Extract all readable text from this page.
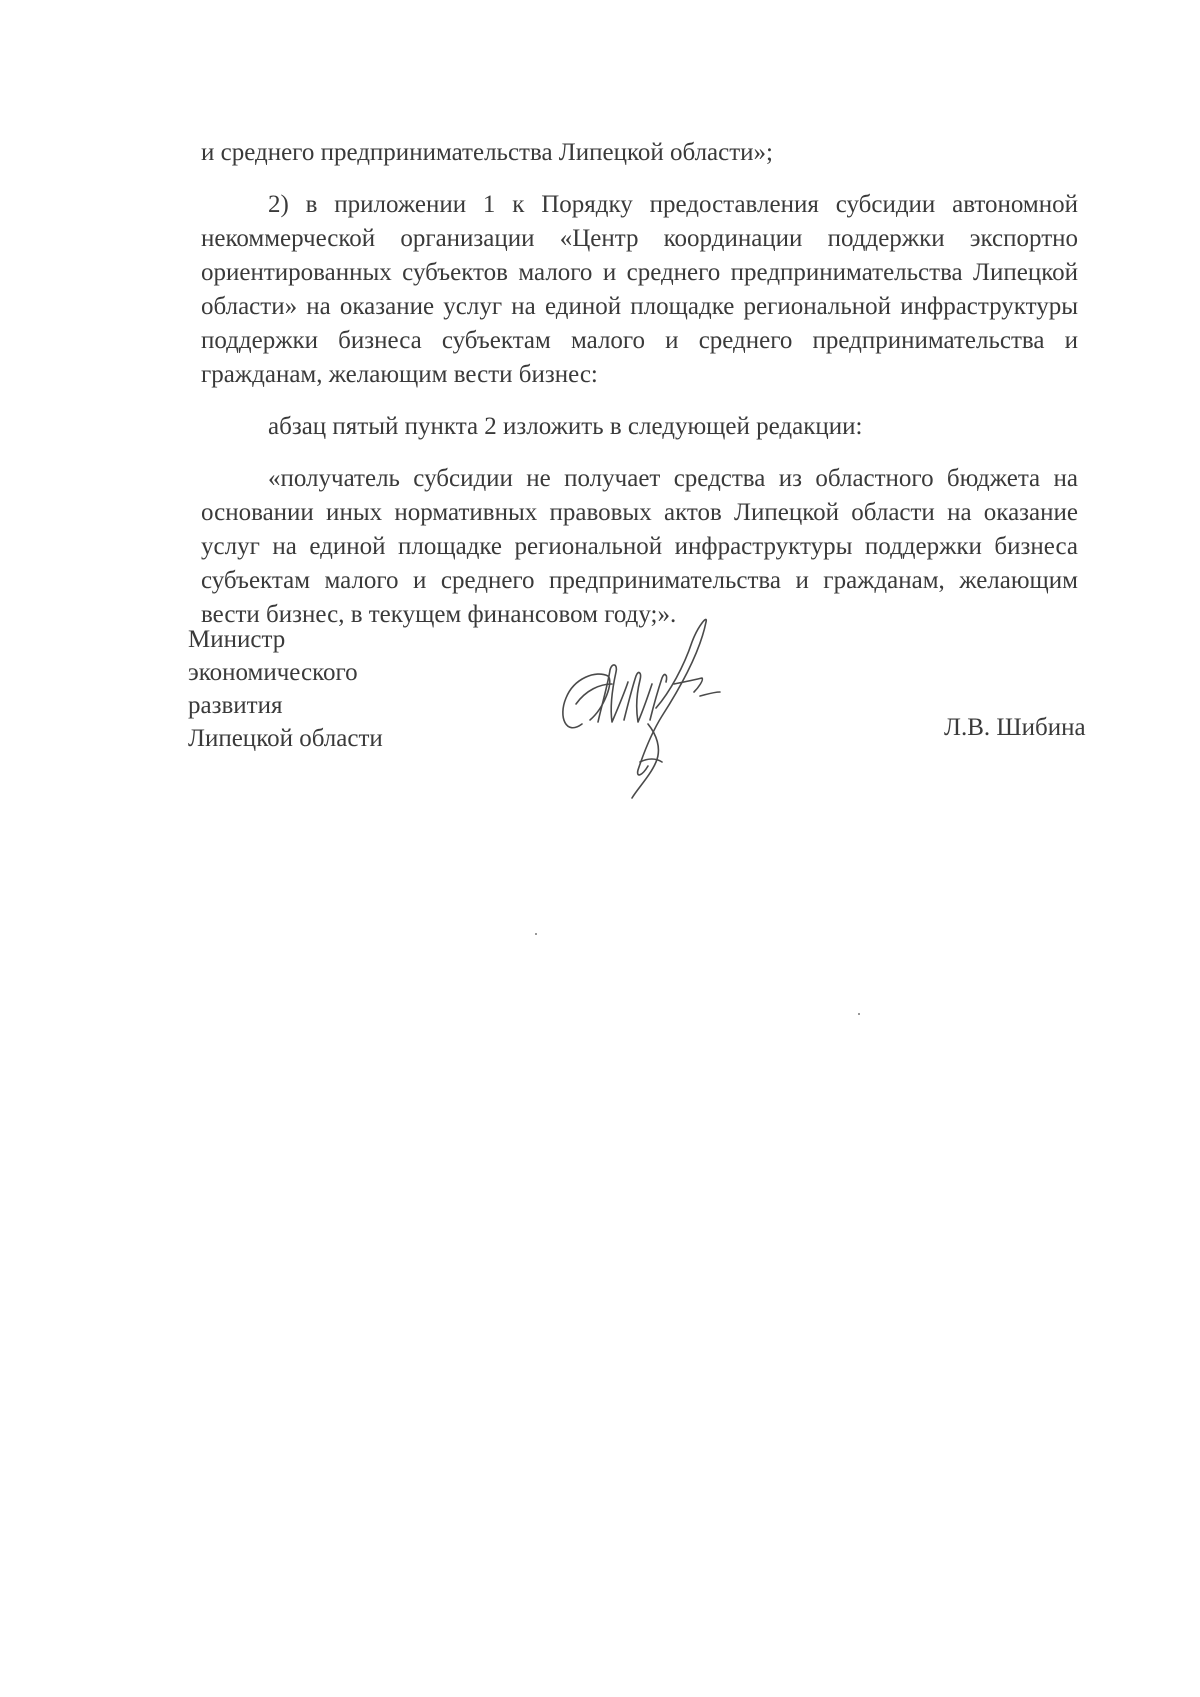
и среднего предпринимательства Липецкой области»;

2) в приложении 1 к Порядку предоставления субсидии автономной некоммерческой организации «Центр координации поддержки экспортно ориентированных субъектов малого и среднего предпринимательства Липецкой области» на оказание услуг на единой площадке региональной инфраструктуры поддержки бизнеса субъектам малого и среднего предпринимательства и гражданам, желающим вести бизнес:

абзац пятый пункта 2 изложить в следующей редакции:

«получатель субсидии не получает средства из областного бюджета на основании иных нормативных правовых актов Липецкой области на оказание услуг на единой площадке региональной инфраструктуры поддержки бизнеса субъектам малого и среднего предпринимательства и гражданам, желающим вести бизнес, в текущем финансовом году;».

Министр
экономического
развития
Липецкой области	Л.В. Шибина
